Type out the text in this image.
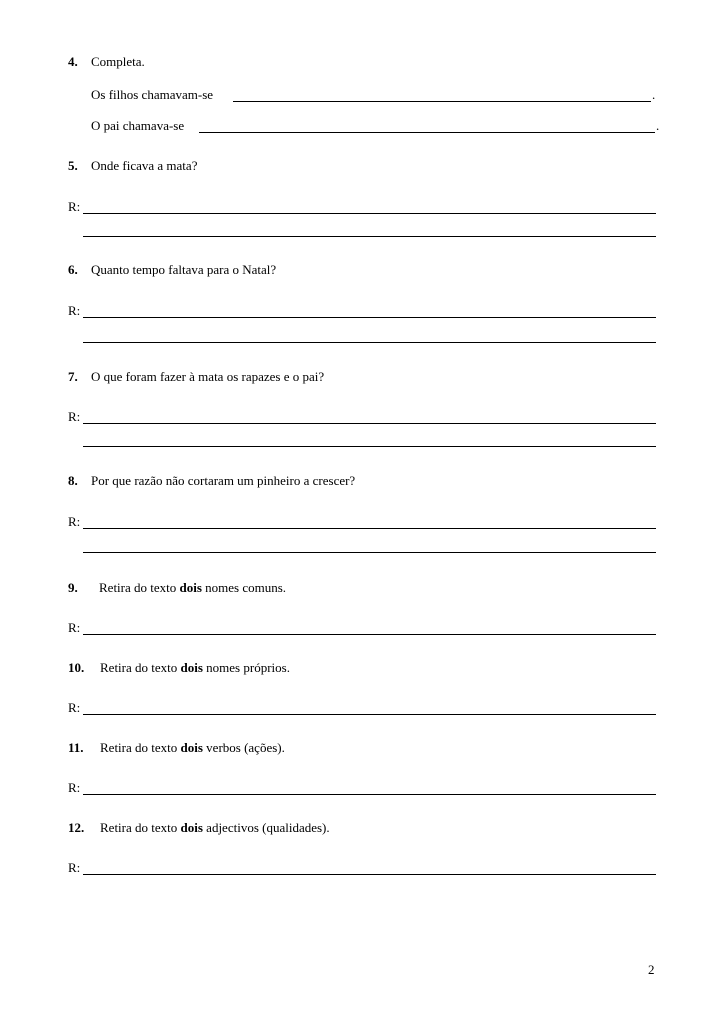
4. Completa.
Os filhos chamavam-se	.
O pai chamava-se	.
5. Onde ficava a mata?
R:
6. Quanto tempo faltava para o Natal?
R:
7. O que foram fazer à mata os rapazes e o pai?
R:
8. Por que razão não cortaram um pinheiro a crescer?
R:
9. Retira do texto dois nomes comuns.
R:
10. Retira do texto dois nomes próprios.
R:
11. Retira do texto dois verbos (ações).
R:
12. Retira do texto dois adjectivos (qualidades).
R:
2
